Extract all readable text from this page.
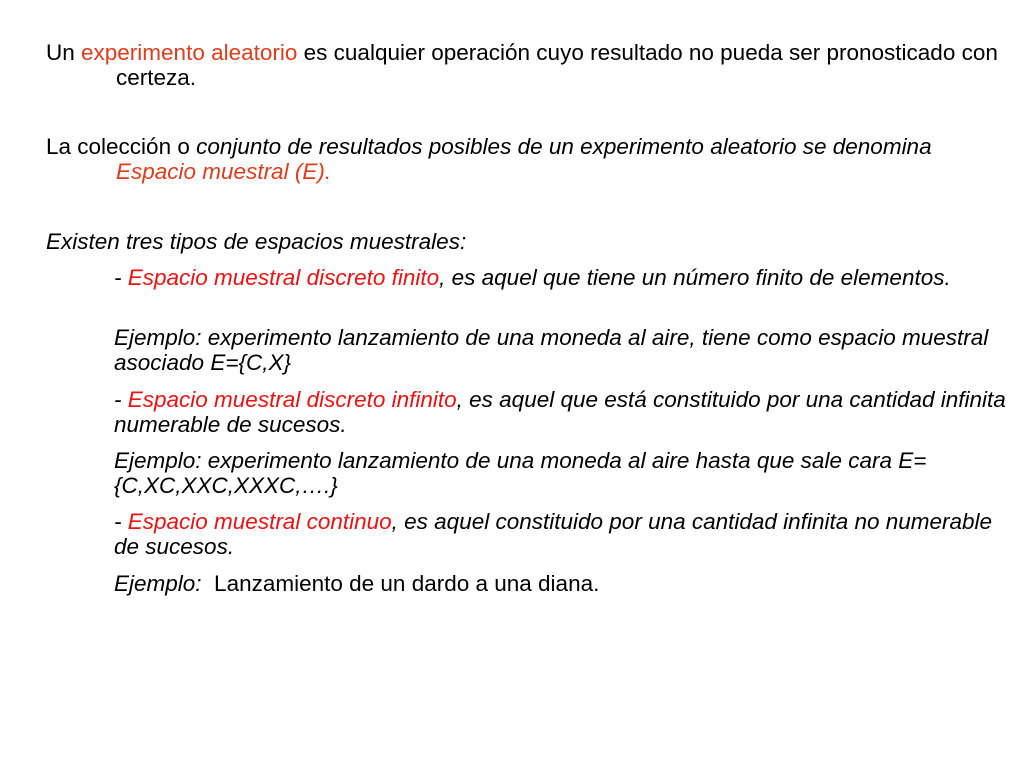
Un experimento aleatorio es cualquier operación cuyo resultado no pueda ser pronosticado con certeza.

La colección o conjunto de resultados posibles de un experimento aleatorio se denomina Espacio muestral (E).

Existen tres tipos de espacios muestrales:

- Espacio muestral discreto finito, es aquel que tiene un número finito de elementos.

Ejemplo: experimento lanzamiento de una moneda al aire, tiene como espacio muestral asociado E={C,X}

- Espacio muestral discreto infinito, es aquel que está constituido por una cantidad infinita numerable de sucesos.

Ejemplo: experimento lanzamiento de una moneda al aire hasta que sale cara E={C,XC,XXC,XXXC,….}

- Espacio muestral continuo, es aquel constituido por una cantidad infinita no numerable de sucesos.

Ejemplo:  Lanzamiento de un dardo a una diana.
